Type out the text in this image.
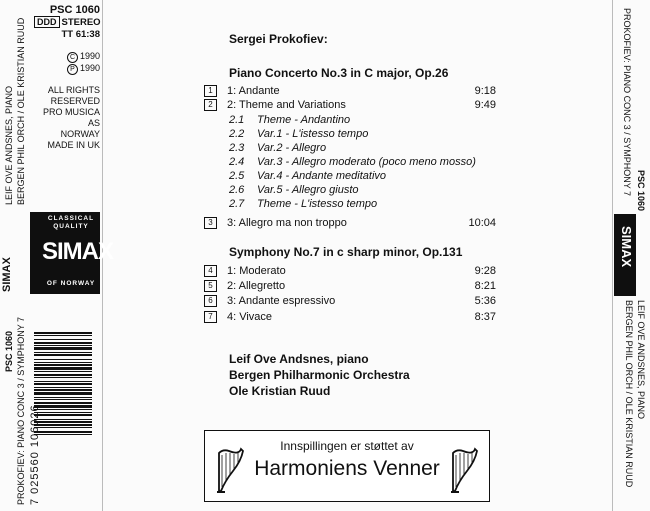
PSC 1060
DDD STEREO
TT 61:38
C 1990
P 1990
ALL RIGHTS
RESERVED
PRO MUSICA AS
NORWAY
MADE IN UK
LEIF OVE ANDSNES, PIANO BERGEN PHIL ORCH / OLE KRISTIAN RUUD
CLASSICAL QUALITY
SIMAX
OF NORWAY
SIMAX
PSC 1060 PROKOFIEV: PIANO CONC 3 / SYMPHONY 7 7 025560 106026
PROKOFIEV: PIANO CONC 3 / SYMPHONY 7 PSC 1060
SIMAX
LEIF OVE ANDSNES, PIANO
BERGEN PHIL ORCH / OLE KRISTIAN RUUD
Sergei Prokofiev:
Piano Concerto No.3 in C major, Op.26
1 1: Andante	9:18
2 2: Theme and Variations	9:49
2.1 Theme - Andantino
2.2 Var.1 - L'istesso tempo
2.3 Var.2 - Allegro
2.4 Var.3 - Allegro moderato (poco meno mosso)
2.5 Var.4 - Andante meditativo
2.6 Var.5 - Allegro giusto
2.7 Theme - L'istesso tempo
3 3: Allegro ma non troppo	10:04
Symphony No.7 in c sharp minor, Op.131
4 1: Moderato	9:28
5 2: Allegretto	8:21
6 3: Andante espressivo	5:36
7 4: Vivace	8:37
Leif Ove Andsnes, piano
Bergen Philharmonic Orchestra
Ole Kristian Ruud
Innspillingen er støttet av
Harmoniens Venner
